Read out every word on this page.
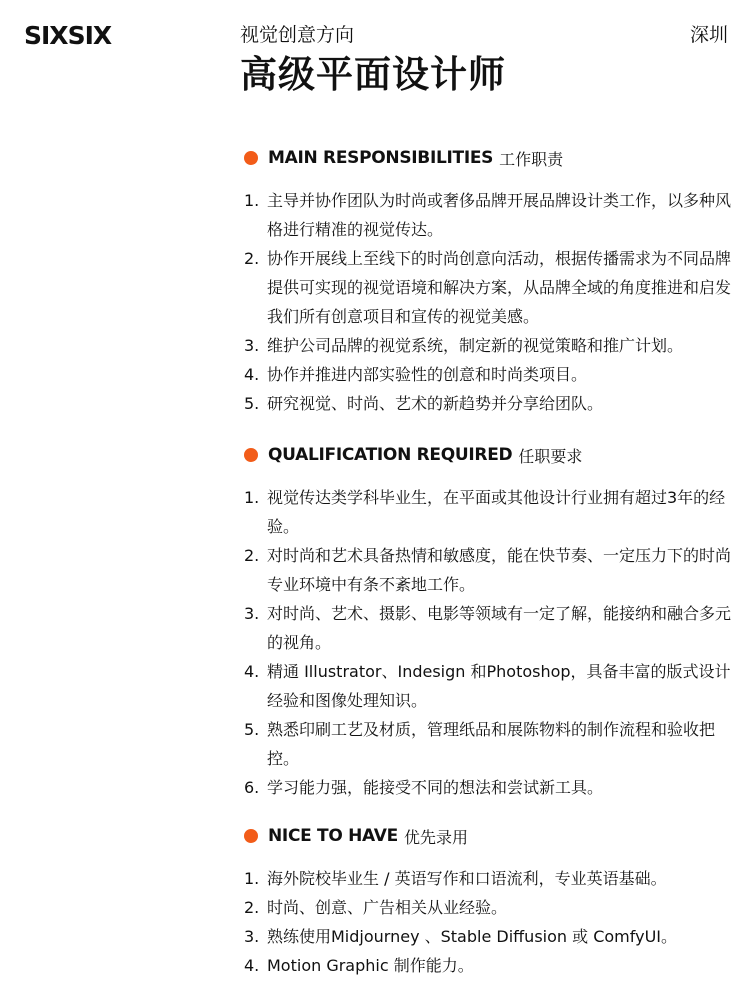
SIXSIX	视觉创意方向	深圳
高级平面设计师
MAIN RESPONSIBILITIES 工作职责
1. 主导并协作团队为时尚或奢侈品牌开展品牌设计类工作，以多种风格进行精准的视觉传达。
2. 协作开展线上至线下的时尚创意向活动，根据传播需求为不同品牌提供可实现的视觉语境和解决方案，从品牌全域的角度推进和启发我们所有创意项目和宣传的视觉美感。
3. 维护公司品牌的视觉系统，制定新的视觉策略和推广计划。
4. 协作并推进内部实验性的创意和时尚类项目。
5. 研究视觉、时尚、艺术的新趋势并分享给团队。
QUALIFICATION REQUIRED 任职要求
1. 视觉传达类学科毕业生，在平面或其他设计行业拥有超过3年的经验。
2. 对时尚和艺术具备热情和敏感度，能在快节奏、一定压力下的时尚专业环境中有条不紊地工作。
3. 对时尚、艺术、摄影、电影等领域有一定了解，能接纳和融合多元的视角。
4. 精通 Illustrator、Indesign 和Photoshop，具备丰富的版式设计经验和图像处理知识。
5. 熟悉印刷工艺及材质，管理纸品和展陈物料的制作流程和验收把控。
6. 学习能力强，能接受不同的想法和尝试新工具。
NICE TO HAVE 优先录用
1. 海外院校毕业生 / 英语写作和口语流利，专业英语基础。
2. 时尚、创意、广告相关从业经验。
3. 熟练使用Midjourney 、Stable Diffusion 或 ComfyUI。
4. Motion Graphic 制作能力。
